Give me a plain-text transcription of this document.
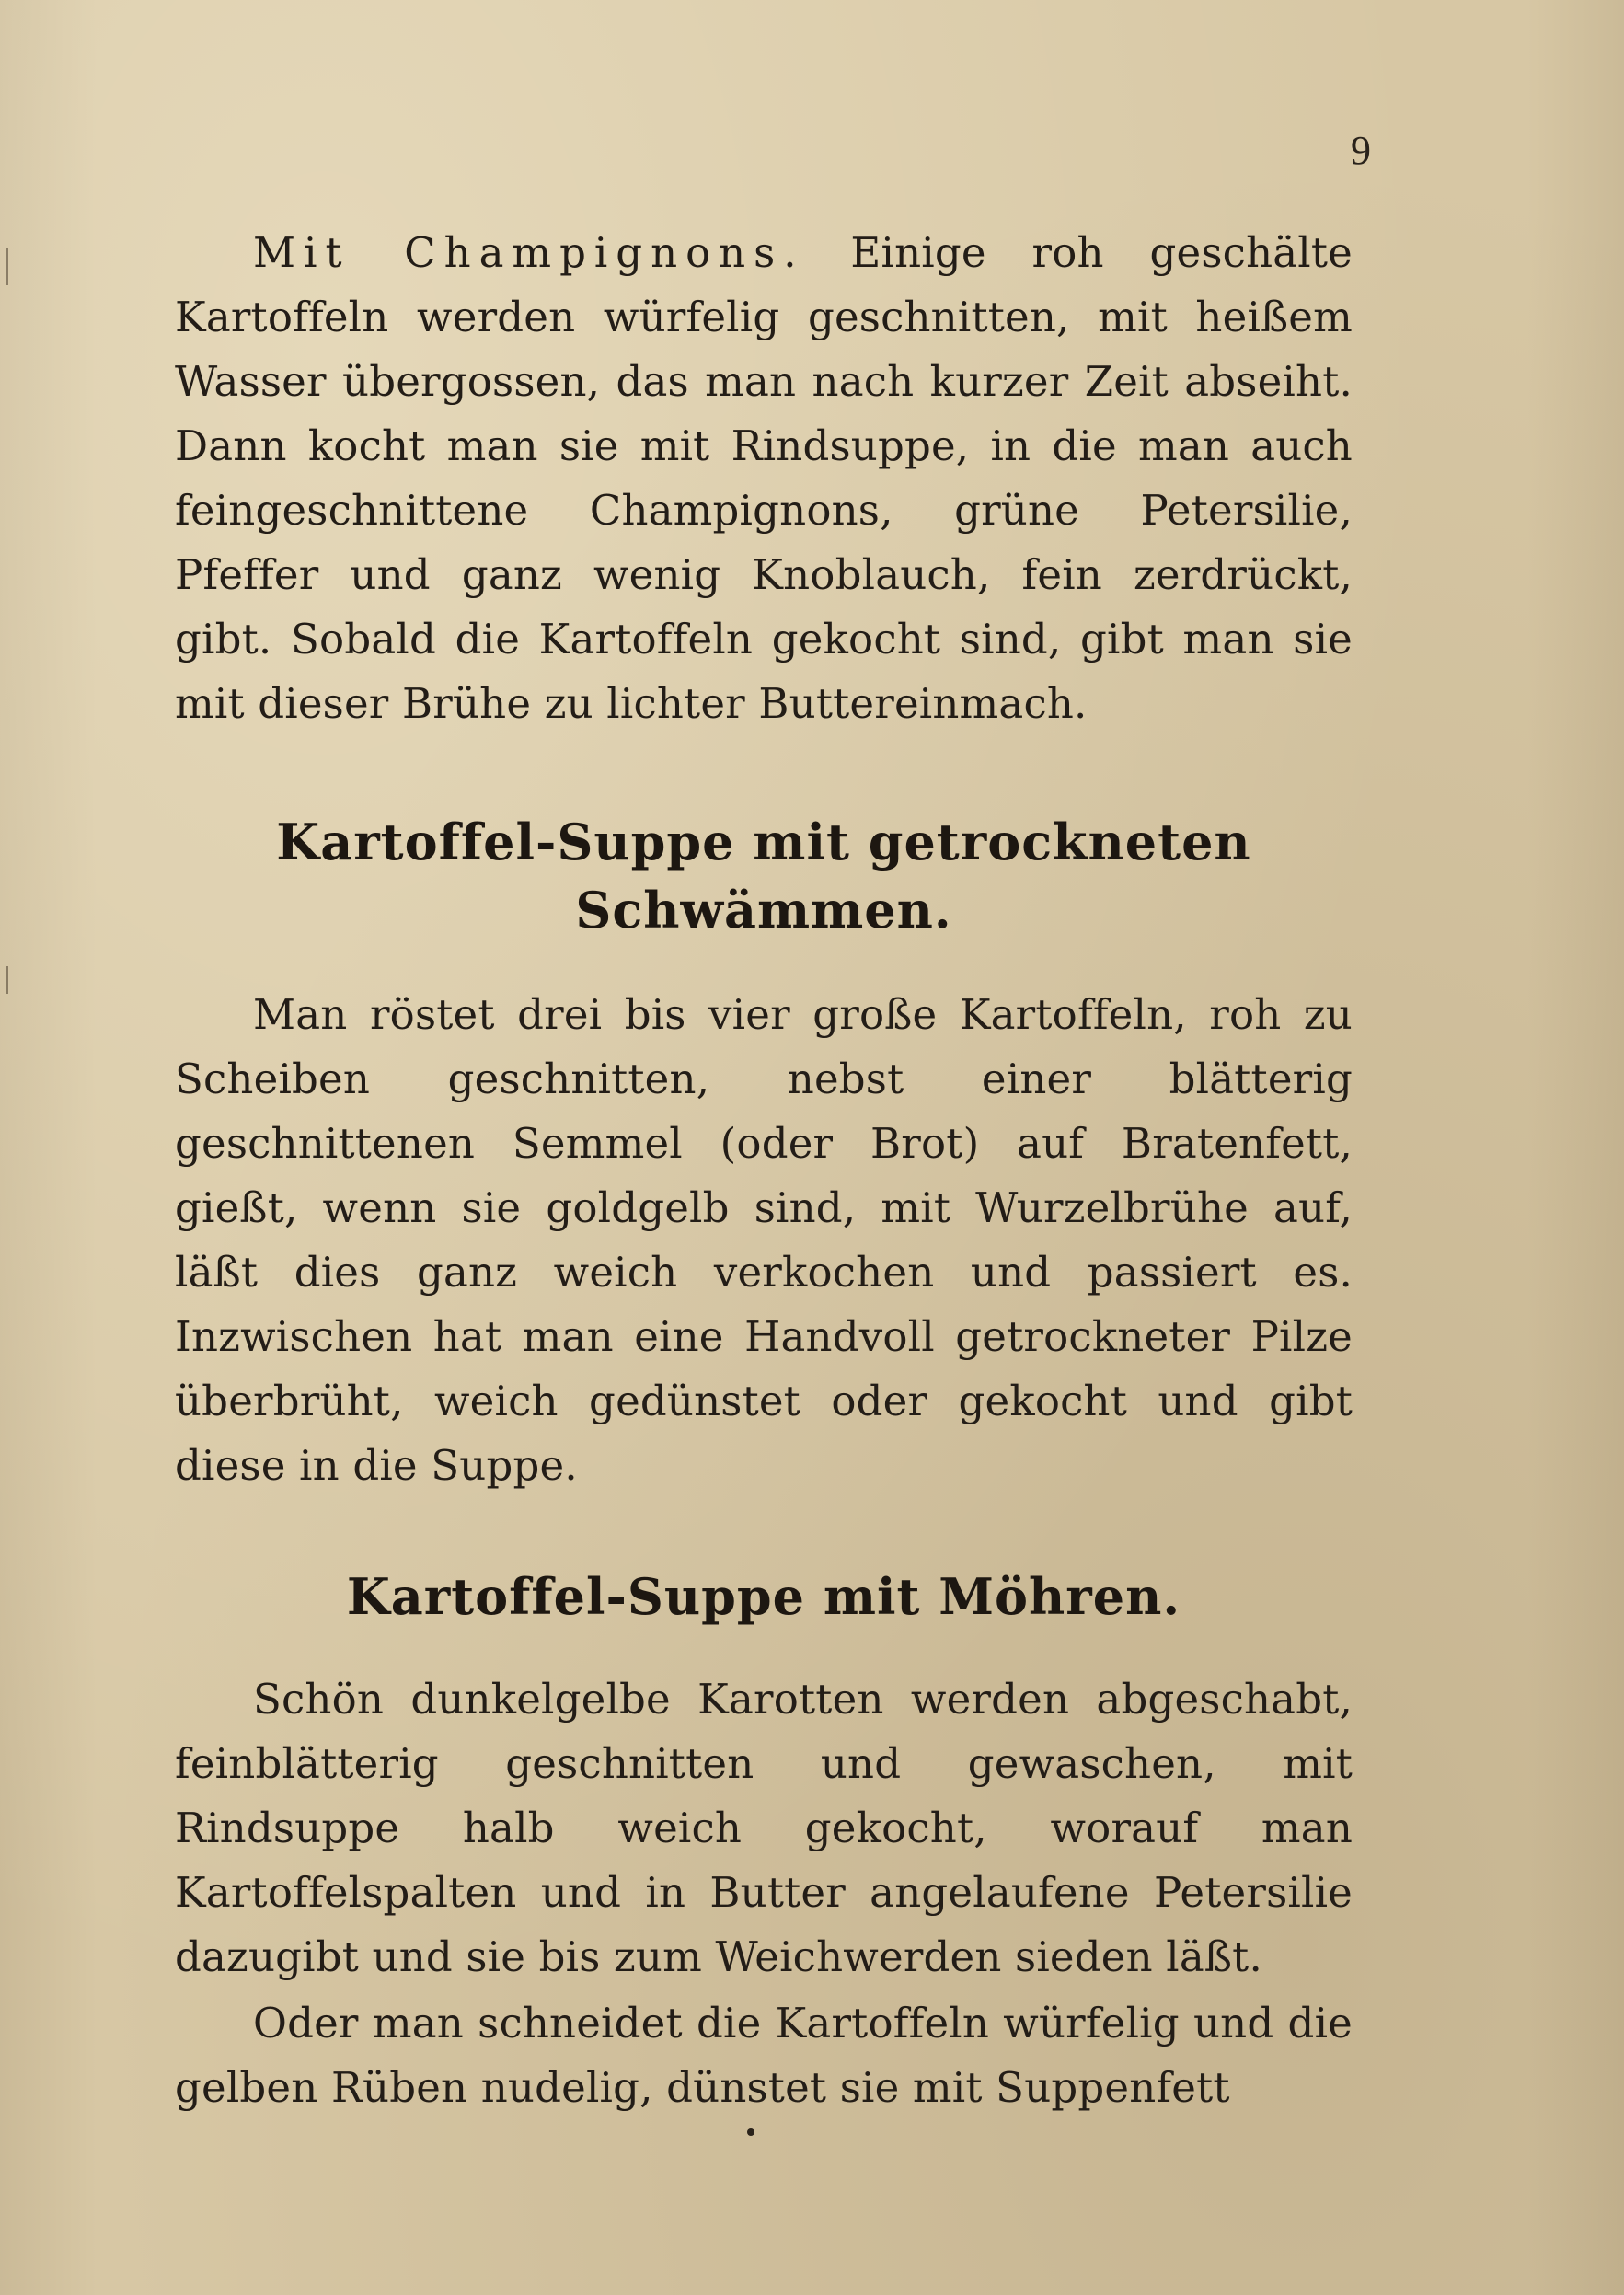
9

Mit Champignons. Einige roh geschälte Kartoffeln werden würfelig geschnitten, mit heißem Wasser übergossen, das man nach kurzer Zeit abseiht. Dann kocht man sie mit Rindsuppe, in die man auch feingeschnittene Champignons, grüne Petersilie, Pfeffer und ganz wenig Knoblauch, fein zerdrückt, gibt. Sobald die Kartoffeln gekocht sind, gibt man sie mit dieser Brühe zu lichter Buttereinmach.

Kartoffel-Suppe mit getrockneten Schwämmen.

Man röstet drei bis vier große Kartoffeln, roh zu Scheiben geschnitten, nebst einer blätterig geschnittenen Semmel (oder Brot) auf Bratenfett, gießt, wenn sie goldgelb sind, mit Wurzelbrühe auf, läßt dies ganz weich verkochen und passiert es. Inzwischen hat man eine Handvoll getrockneter Pilze überbrüht, weich gedünstet oder gekocht und gibt diese in die Suppe.

Kartoffel-Suppe mit Möhren.

Schön dunkelgelbe Karotten werden abgeschabt, feinblätterig geschnitten und gewaschen, mit Rindsuppe halb weich gekocht, worauf man Kartoffelspalten und in Butter angelaufene Petersilie dazugibt und sie bis zum Weichwerden sieden läßt.

Oder man schneidet die Kartoffeln würfelig und die gelben Rüben nudelig, dünstet sie mit Suppenfett
